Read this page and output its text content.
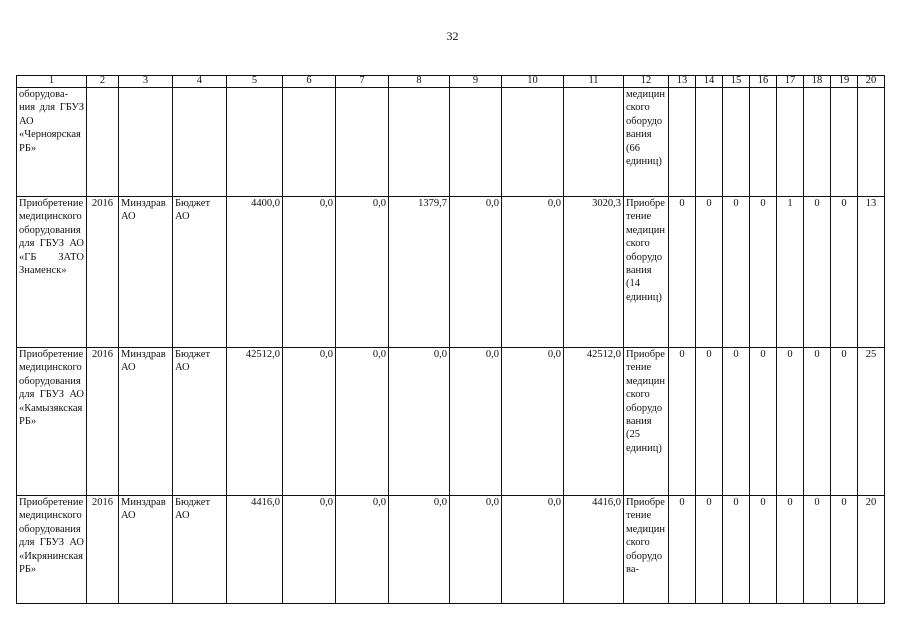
32
1	2	3	4	5	6	7	8	9	10	11	12	13	14	15	16	17	18	19	20
оборудова-ния для ГБУЗ АО «Черноярская РБ»											медицинского оборудования (66 единиц)								
Приобретение медицинского оборудования для ГБУЗ АО «ГБ ЗАТО Знаменск»	2016	Минздрав АО	Бюджет АО	4400,0	0,0	0,0	1379,7	0,0	0,0	3020,3	Приобретение медицинского оборудования (14 единиц)	0	0	0	0	1	0	0	13
Приобретение медицинского оборудования для ГБУЗ АО «Камызякская РБ»	2016	Минздрав АО	Бюджет АО	42512,0	0,0	0,0	0,0	0,0	0,0	42512,0	Приобретение медицинского оборудования (25 единиц)	0	0	0	0	0	0	0	25
Приобретение медицинского оборудования для ГБУЗ АО «Икрянинская РБ»	2016	Минздрав АО	Бюджет АО	4416,0	0,0	0,0	0,0	0,0	0,0	4416,0	Приобретение медицинского оборудова-	0	0	0	0	0	0	0	20
